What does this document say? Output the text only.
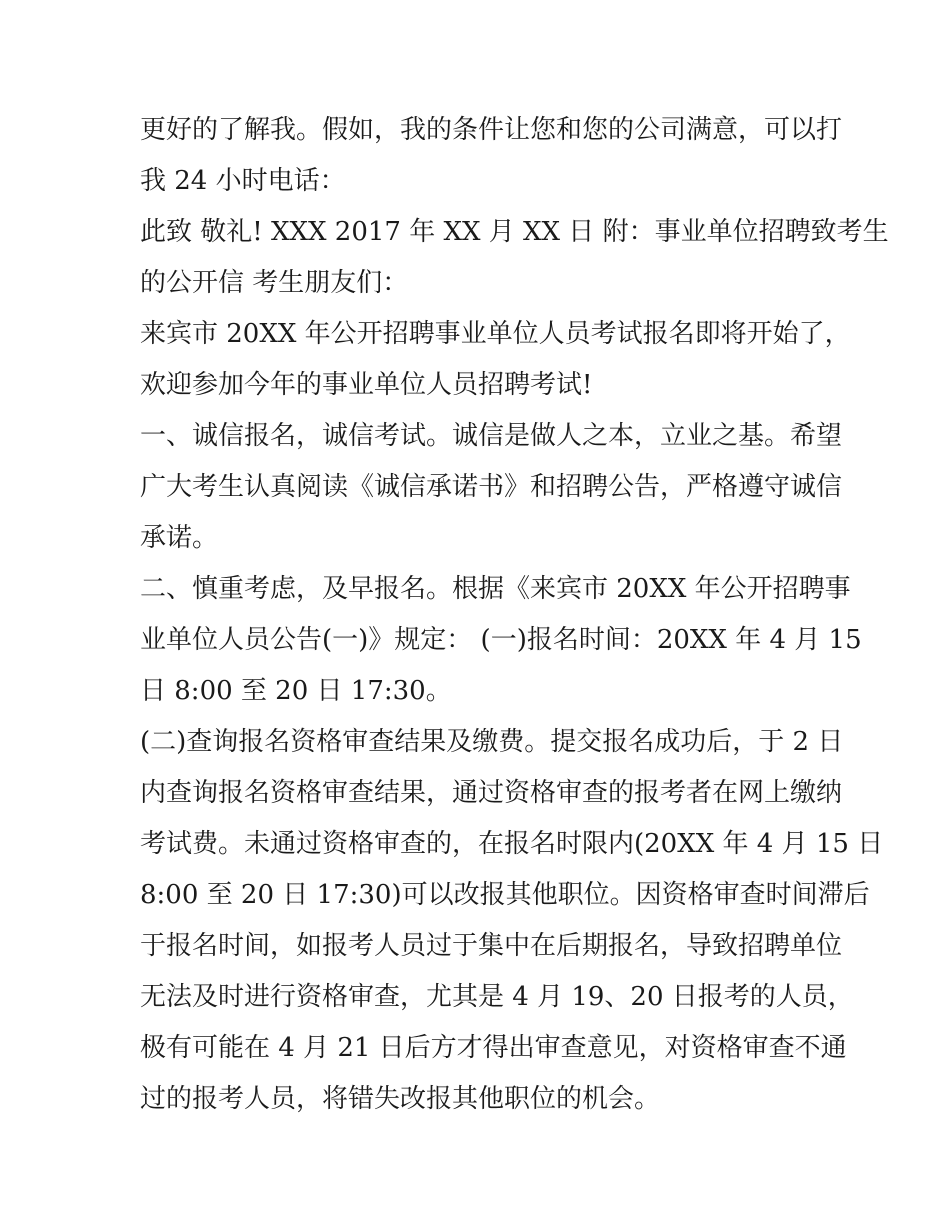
更好的了解我。假如，我的条件让您和您的公司满意，可以打
我 24 小时电话：
此致 敬礼! XXX 2017 年 XX 月 XX 日 附：事业单位招聘致考生
的公开信 考生朋友们：
来宾市 20XX 年公开招聘事业单位人员考试报名即将开始了，
欢迎参加今年的事业单位人员招聘考试!
一、诚信报名，诚信考试。诚信是做人之本，立业之基。希望
广大考生认真阅读《诚信承诺书》和招聘公告，严格遵守诚信
承诺。
二、慎重考虑，及早报名。根据《来宾市 20XX 年公开招聘事
业单位人员公告(一)》规定： (一)报名时间：20XX 年 4 月 15
日 8:00 至 20 日 17:30。
(二)查询报名资格审查结果及缴费。提交报名成功后，于 2 日
内查询报名资格审查结果，通过资格审查的报考者在网上缴纳
考试费。未通过资格审查的，在报名时限内(20XX 年 4 月 15 日
8:00 至 20 日 17:30)可以改报其他职位。因资格审查时间滞后
于报名时间，如报考人员过于集中在后期报名，导致招聘单位
无法及时进行资格审查，尤其是 4 月 19、20 日报考的人员，
极有可能在 4 月 21 日后方才得出审查意见，对资格审查不通
过的报考人员，将错失改报其他职位的机会。
